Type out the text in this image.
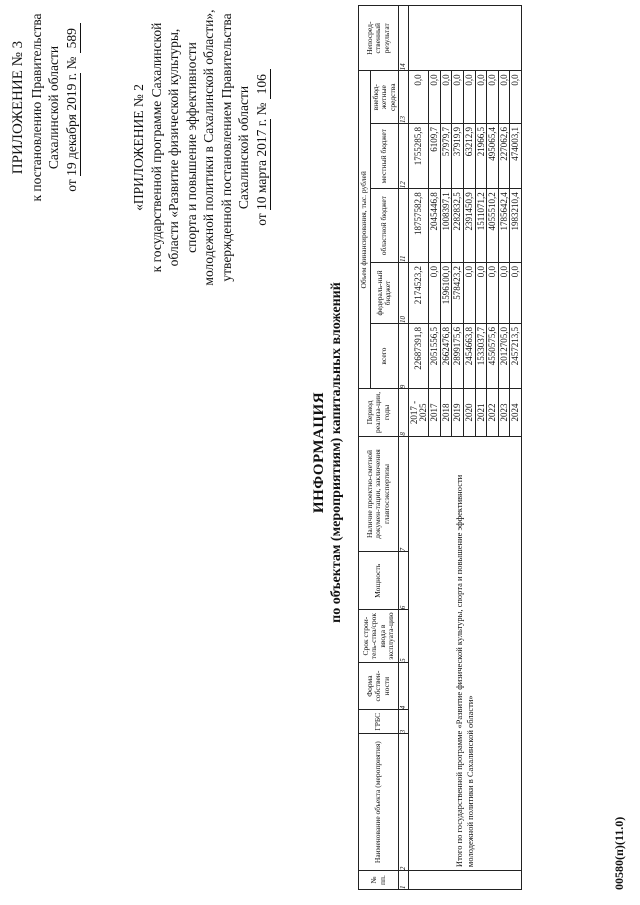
ПРИЛОЖЕНИЕ № 3 к постановлению Правительства Сахалинской области
от 19 декабря 2019 г. № 589
«ПРИЛОЖЕНИЕ № 2 к государственной программе Сахалинской области «Развитие физической культуры, спорта и повышение эффективности молодежной политики в Сахалинской области», утвержденной постановлением Правительства Сахалинской области
от 10 марта 2017 г. № 106
ИНФОРМАЦИЯ по объектам (мероприятиям) капитальных вложений
№ пп.	Наименование объекта (мероприятия)	ГРБС	Форма собствен-ности	Срок строи-тель-ства/срок ввода в эксплуата-цию	Мощность	Наличие проектно-сметной докумен-тации, заключения главгосэкспертизы	Период реализа-ции, годы	Объем финансирования, тыс. рублей					Непосред-ственный результат
								всего	федераль-ный бюджет	областной бюджет	местный бюджет	внебюд-жетные средства	
1	2	3	4	5	6	7	8	9	10	11	12	13	14
	Итого по государственной программе «Развитие физической культуры, спорта и повышение эффективности молодежной политики в Сахалинской области»						2017 - 2025	22687391,8	2174523,2	18757582,8	1755285,8	0,0	
							2017	2051556,5	0,0	2045446,8	6109,7	0,0	
							2018	2662476,8	1596100,0	1008397,1	57979,7	0,0	
							2019	2899175,6	578423,2	2282832,5	37919,9	0,0	
							2020	2454663,8	0,0	2391450,9	63212,9	0,0	
							2021	1533037,7	0,0	1511071,2	21966,5	0,0	
							2022	4550575,6	0,0	4055510,2	495065,4	0,0	
							2023	2012705,0	0,0	1785642,4	227062,6	0,0	
							2024	2457213,5	0,0	1983210,4	474003,1	0,0	
00580(п)(11.0)
